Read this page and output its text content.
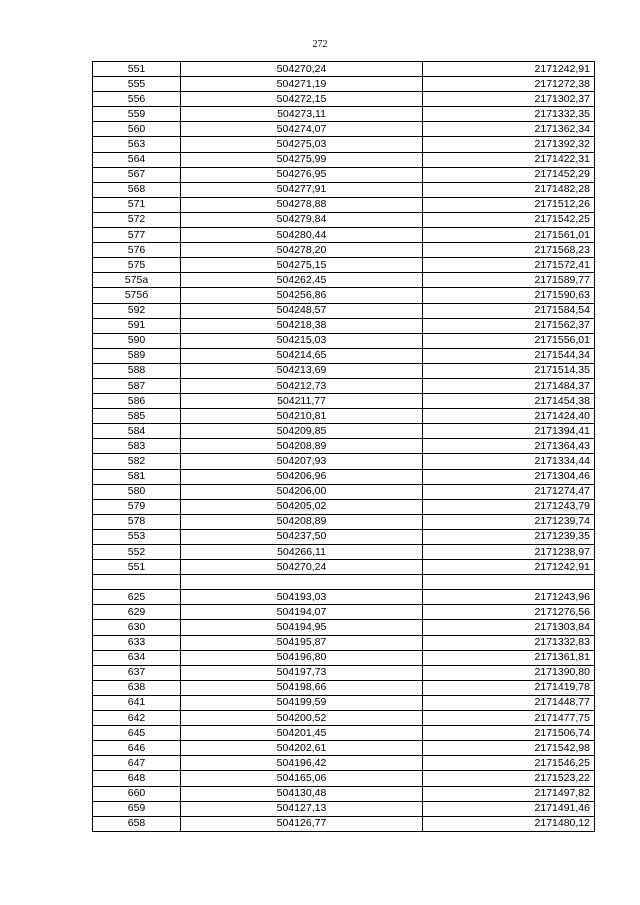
272
551	504270,24	2171242,91
555	504271,19	2171272,38
556	504272,15	2171302,37
559	504273,11	2171332,35
560	504274,07	2171362,34
563	504275,03	2171392,32
564	504275,99	2171422,31
567	504276,95	2171452,29
568	504277,91	2171482,28
571	504278,88	2171512,26
572	504279,84	2171542,25
577	504280,44	2171561,01
576	504278,20	2171568,23
575	504275,15	2171572,41
575а	504262,45	2171589,77
575б	504256,86	2171590,63
592	504248,57	2171584,54
591	504218,38	2171562,37
590	504215,03	2171556,01
589	504214,65	2171544,34
588	504213,69	2171514,35
587	504212,73	2171484,37
586	504211,77	2171454,38
585	504210,81	2171424,40
584	504209,85	2171394,41
583	504208,89	2171364,43
582	504207,93	2171334,44
581	504206,96	2171304,46
580	504206,00	2171274,47
579	504205,02	2171243,79
578	504208,89	2171239,74
553	504237,50	2171239,35
552	504266,11	2171238,97
551	504270,24	2171242,91

625	504193,03	2171243,96
629	504194,07	2171276,56
630	504194,95	2171303,84
633	504195,87	2171332,83
634	504196,80	2171361,81
637	504197,73	2171390,80
638	504198,66	2171419,78
641	504199,59	2171448,77
642	504200,52	2171477,75
645	504201,45	2171506,74
646	504202,61	2171542,98
647	504196,42	2171546,25
648	504165,06	2171523,22
660	504130,48	2171497,82
659	504127,13	2171491,46
658	504126,77	2171480,12
